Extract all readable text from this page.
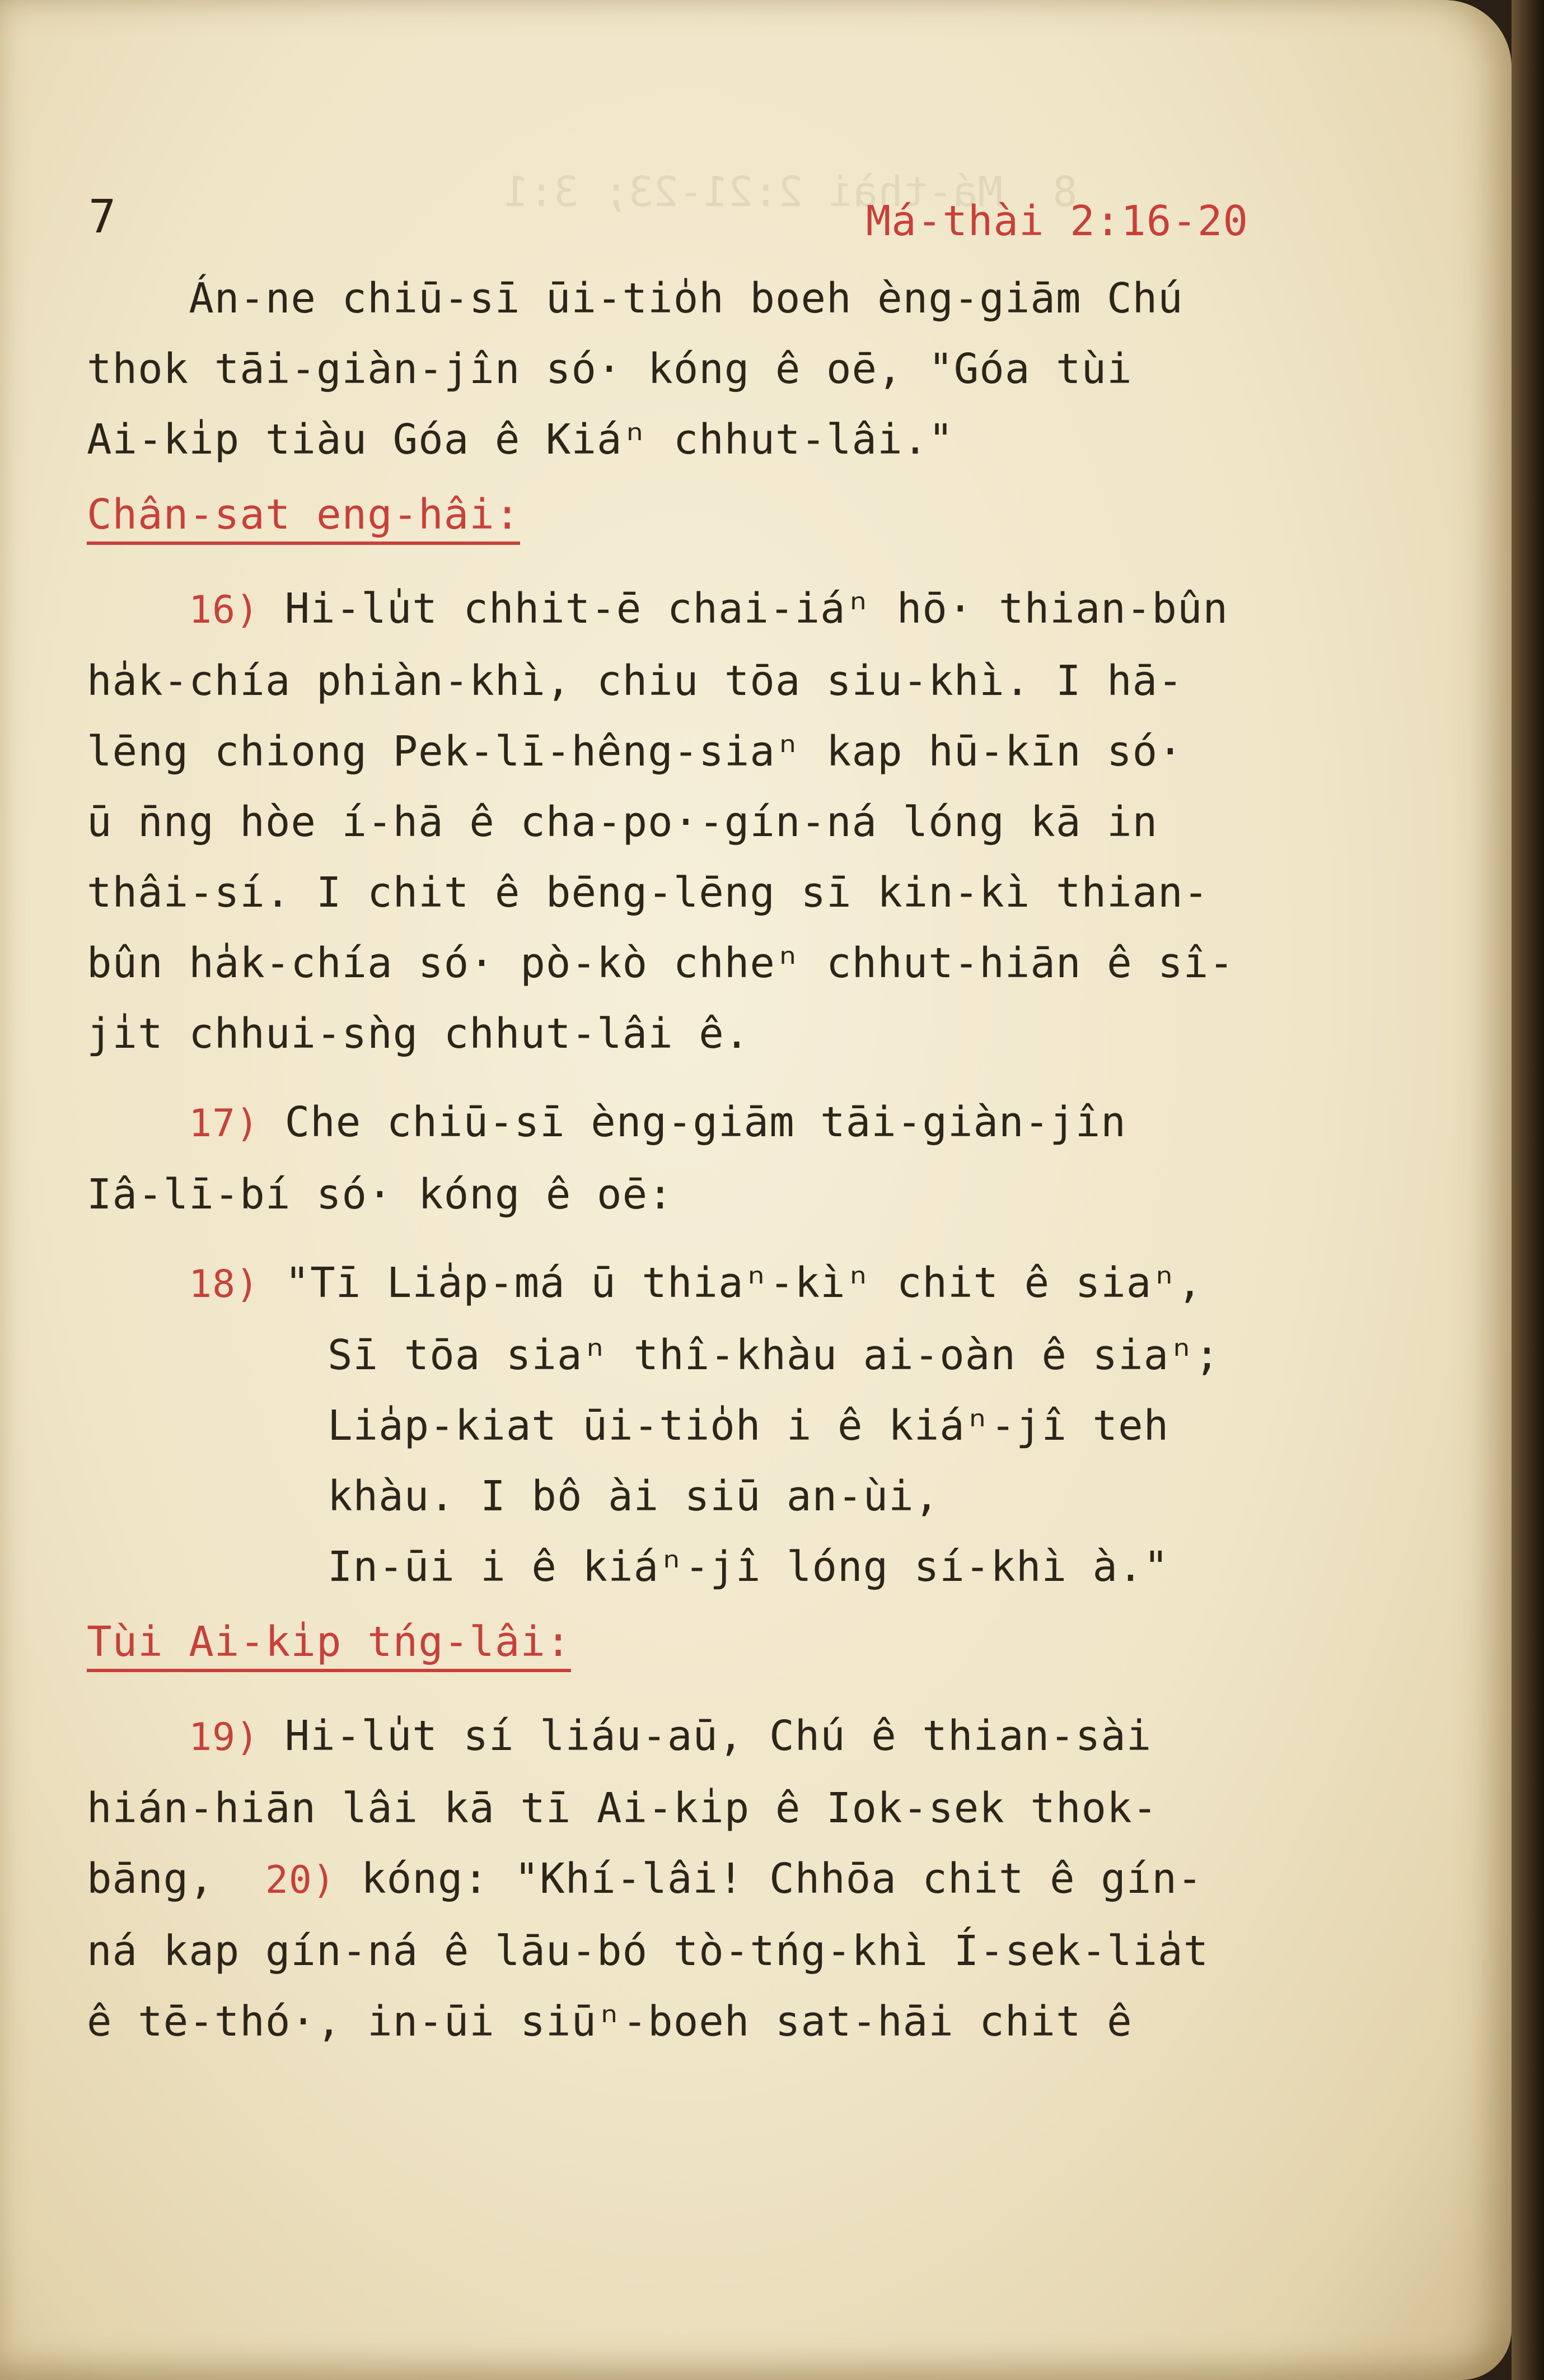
8  Má-thài 2:21-23; 3:1
7	Má-thài 2:16-20
Án-ne chiū-sī ūi-tio̍h boeh èng-giām Chú
thok tāi-giàn-jîn só· kóng ê oē, "Góa tùi
Ai-ki̍p tiàu Góa ê Kiáⁿ chhut-lâi."
Chân-sat eng-hâi:
16) Hi-lu̍t chhit-ē chai-iáⁿ hō· thian-bûn
ha̍k-chía phiàn-khì, chiu tōa siu-khì. I hā-
lēng chiong Pek-lī-hêng-siaⁿ kap hū-kīn só·
ū n̄ng hòe í-hā ê cha-po·-gín-ná lóng kā in
thâi-sí. I chit ê bēng-lēng sī kin-kì thian-
bûn ha̍k-chía só· pò-kò chheⁿ chhut-hiān ê sî-
ji̍t chhui-sǹg chhut-lâi ê.
17) Che chiū-sī èng-giām tāi-giàn-jîn
Iâ-lī-bí só· kóng ê oē:
18) "Tī Lia̍p-má ū thiaⁿ-kìⁿ chit ê siaⁿ,
Sī tōa siaⁿ thî-khàu ai-oàn ê siaⁿ;
Lia̍p-kiat ūi-tio̍h i ê kiáⁿ-jî teh
khàu. I bô ài siū an-ùi,
In-ūi i ê kiáⁿ-jî lóng sí-khì à."
Tùi Ai-ki̍p tńg-lâi:
19) Hi-lu̍t sí liáu-aū, Chú ê thian-sài
hián-hiān lâi kā tī Ai-ki̍p ê Iok-sek thok-
bāng, 20) kóng: "Khí-lâi! Chhōa chit ê gín-
ná kap gín-ná ê lāu-bó tò-tńg-khì Í-sek-lia̍t
ê tē-thó·, in-ūi siūⁿ-boeh sat-hāi chit ê
